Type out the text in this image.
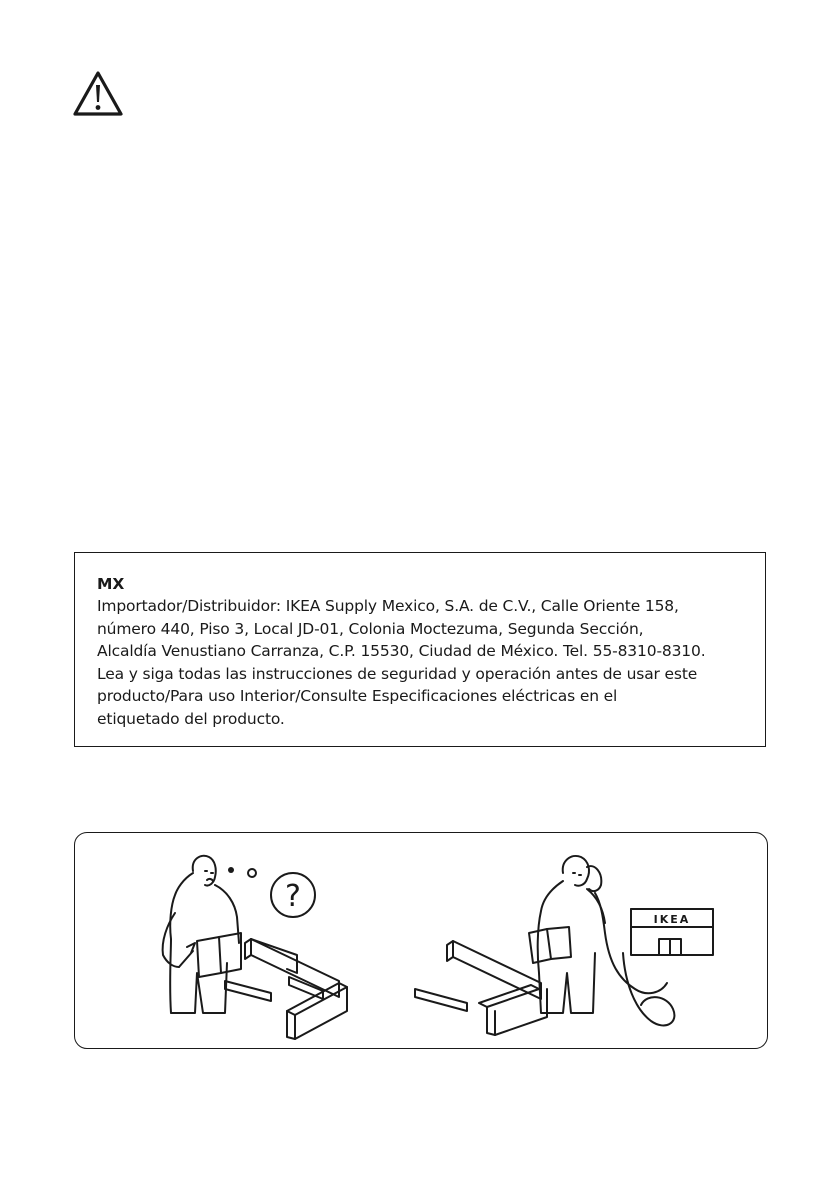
MX

Importador/Distribuidor: IKEA Supply Mexico, S.A. de C.V., Calle Oriente 158,

número 440, Piso 3, Local JD-01, Colonia Moctezuma, Segunda Sección,

Alcaldía Venustiano Carranza, C.P. 15530, Ciudad de México. Tel. 55-8310-8310.

Lea y siga todas las instrucciones de seguridad y operación antes de usar este

producto/Para uso Interior/Consulte Especificaciones eléctricas en el

etiquetado del producto.

?
IKEA
